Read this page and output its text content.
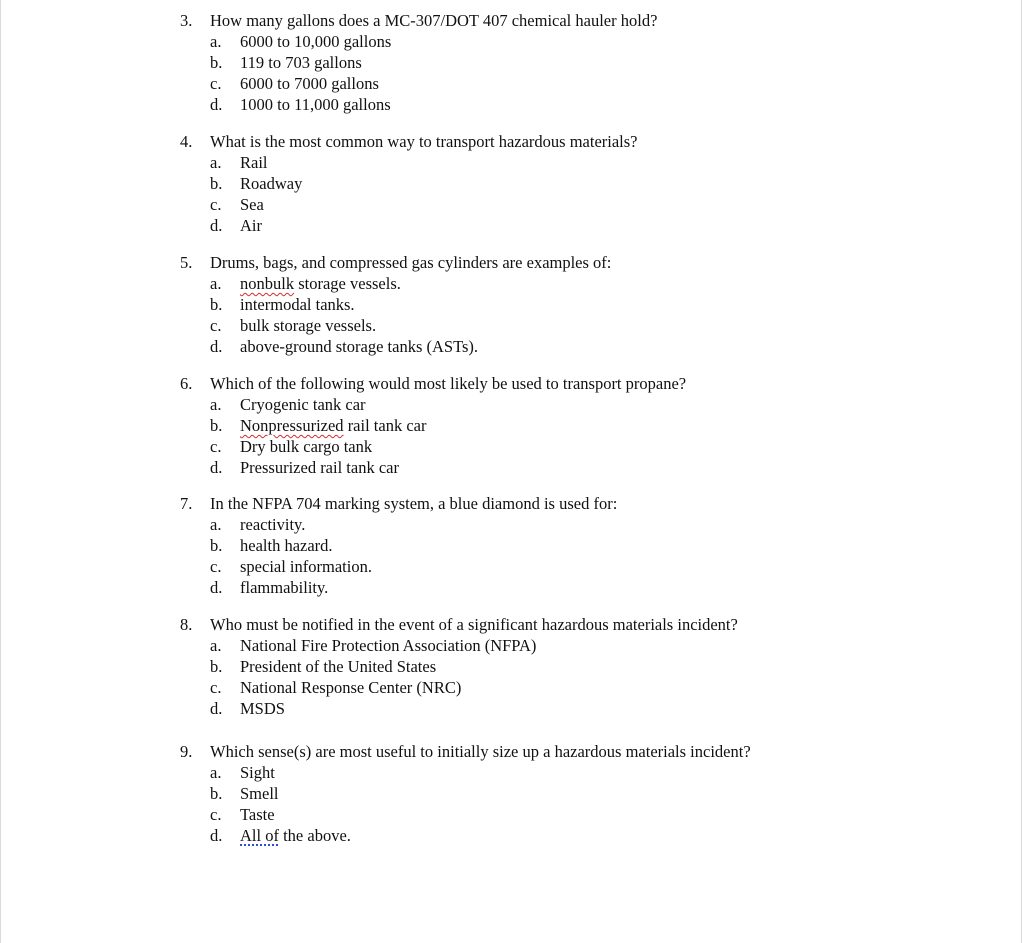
3. How many gallons does a MC-307/DOT 407 chemical hauler hold?
a. 6000 to 10,000 gallons
b. 119 to 703 gallons
c. 6000 to 7000 gallons
d. 1000 to 11,000 gallons
4. What is the most common way to transport hazardous materials?
a. Rail
b. Roadway
c. Sea
d. Air
5. Drums, bags, and compressed gas cylinders are examples of:
a. nonbulk storage vessels.
b. intermodal tanks.
c. bulk storage vessels.
d. above-ground storage tanks (ASTs).
6. Which of the following would most likely be used to transport propane?
a. Cryogenic tank car
b. Nonpressurized rail tank car
c. Dry bulk cargo tank
d. Pressurized rail tank car
7. In the NFPA 704 marking system, a blue diamond is used for:
a. reactivity.
b. health hazard.
c. special information.
d. flammability.
8. Who must be notified in the event of a significant hazardous materials incident?
a. National Fire Protection Association (NFPA)
b. President of the United States
c. National Response Center (NRC)
d. MSDS
9. Which sense(s) are most useful to initially size up a hazardous materials incident?
a. Sight
b. Smell
c. Taste
d. All of the above.
